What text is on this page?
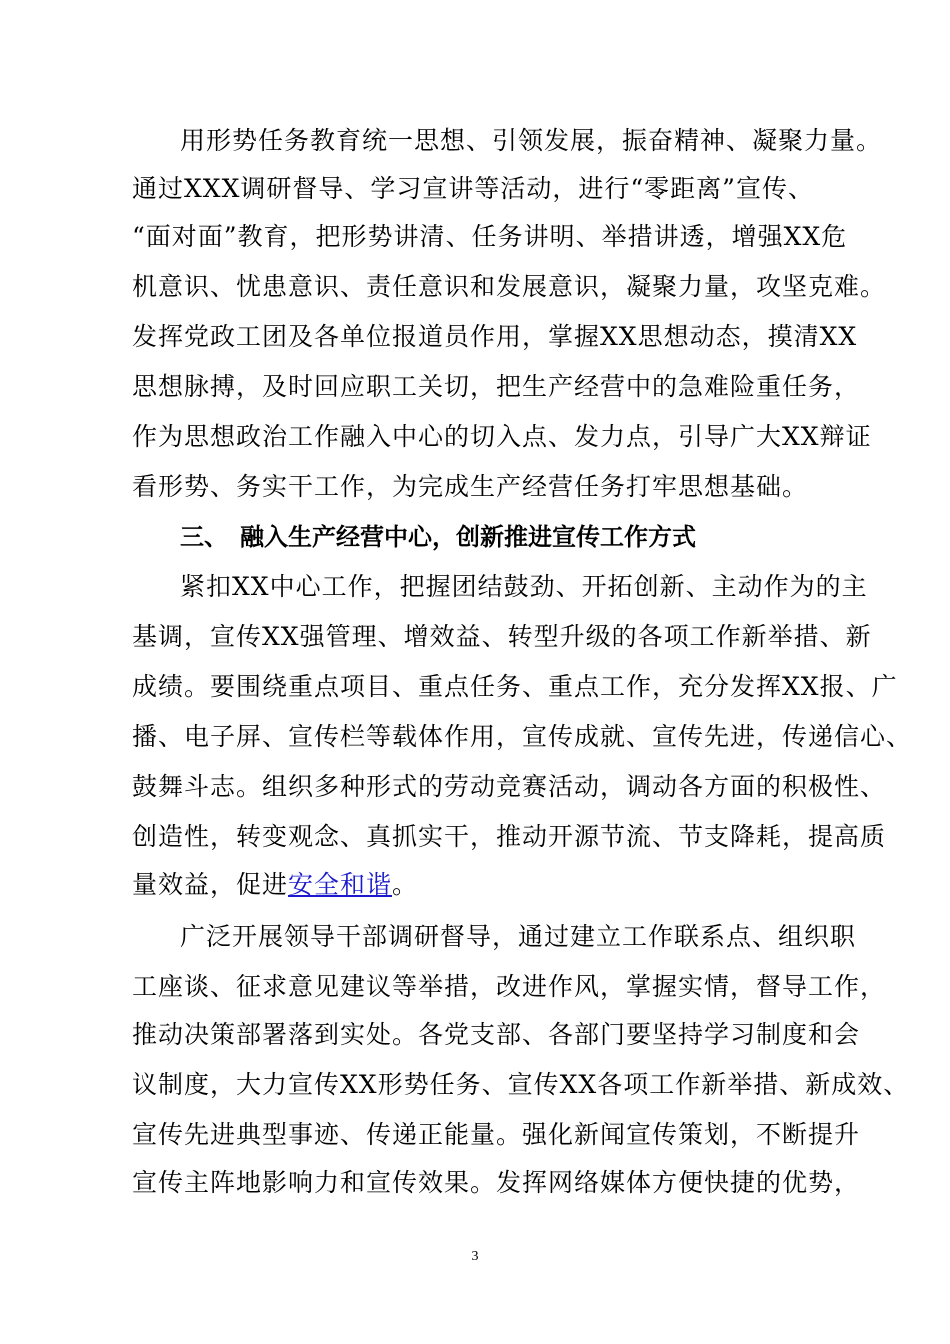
用形势任务教育统一思想、引领发展，振奋精神、凝聚力量。
通过XXX调研督导、学习宣讲等活动，进行“零距离”宣传、
“面对面”教育，把形势讲清、任务讲明、举措讲透，增强XX危
机意识、忧患意识、责任意识和发展意识，凝聚力量，攻坚克难。
发挥党政工团及各单位报道员作用，掌握XX思想动态，摸清XX
思想脉搏，及时回应职工关切，把生产经营中的急难险重任务，
作为思想政治工作融入中心的切入点、发力点，引导广大XX辩证
看形势、务实干工作，为完成生产经营任务打牢思想基础。
三、 融入生产经营中心，创新推进宣传工作方式
紧扣XX中心工作，把握团结鼓劲、开拓创新、主动作为的主
基调，宣传XX强管理、增效益、转型升级的各项工作新举措、新
成绩。要围绕重点项目、重点任务、重点工作，充分发挥XX报、广
播、电子屏、宣传栏等载体作用，宣传成就、宣传先进，传递信心、
鼓舞斗志。组织多种形式的劳动竞赛活动，调动各方面的积极性、
创造性，转变观念、真抓实干，推动开源节流、节支降耗，提高质
量效益，促进安全和谐。
广泛开展领导干部调研督导，通过建立工作联系点、组织职
工座谈、征求意见建议等举措，改进作风，掌握实情，督导工作，
推动决策部署落到实处。各党支部、各部门要坚持学习制度和会
议制度，大力宣传XX形势任务、宣传XX各项工作新举措、新成效、
宣传先进典型事迹、传递正能量。强化新闻宣传策划，不断提升
宣传主阵地影响力和宣传效果。发挥网络媒体方便快捷的优势，
3
